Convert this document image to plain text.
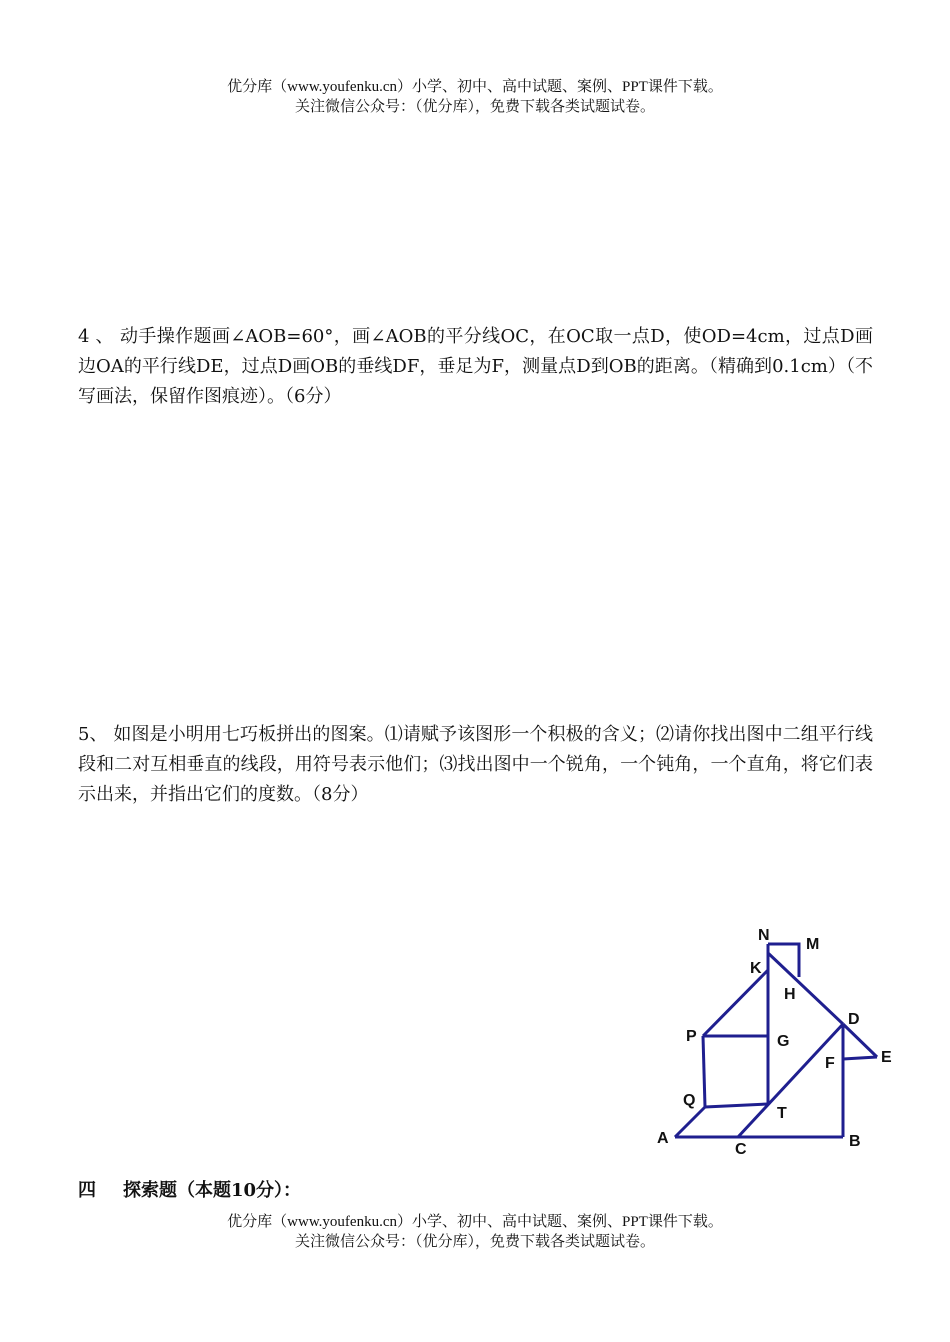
优分库（www.youfenku.cn）小学、初中、高中试题、案例、PPT课件下载。
关注微信公众号：（优分库），免费下载各类试题试卷。

4 、 动手操作题画∠AOB=60°，画∠AOB的平分线OC，在OC取一点D，使OD=4cm，过点D画边OA的平行线DE，过点D画OB的垂线DF，垂足为F，测量点D到OB的距离。（精确到0.1cm）（不写画法，保留作图痕迹）。（6分）

5、 如图是小明用七巧板拼出的图案。⑴请赋予该图形一个积极的含义；⑵请你找出图中二组平行线段和二对互相垂直的线段，用符号表示他们；⑶找出图中一个锐角，一个钝角，一个直角，将它们表示出来，并指出它们的度数。（8分）

N
M
K
H
D
P	G
E
F
Q
T
A
C	B
四 探索题（本题10分）：
优分库（www.youfenku.cn）小学、初中、高中试题、案例、PPT课件下载。
关注微信公众号：（优分库），免费下载各类试题试卷。
